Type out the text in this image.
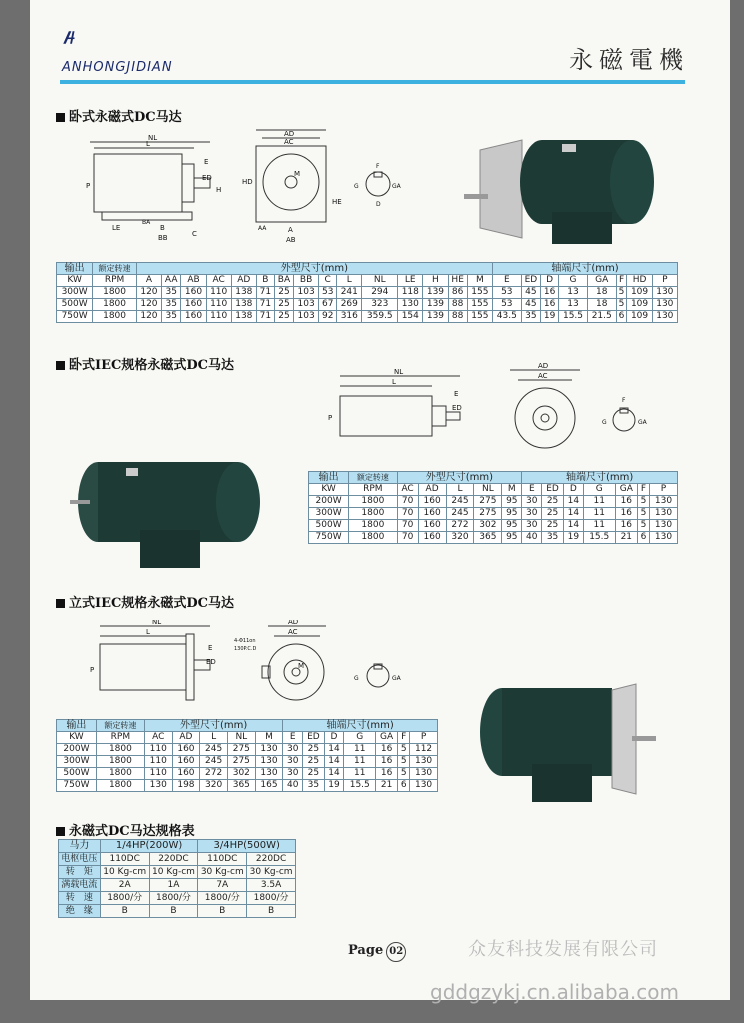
ANHONGJIDIAN	永磁電機
卧式永磁式DC马达
NL
L
E
ED
P	H
LE
BA
B
BB	C
AD
AC
HD
M
HE
AA	A
AB
F
G	GA
D
输出	额定转速	外型尺寸(mm)															轴端尺寸(mm)							
KW	RPM	A	AA	AB	AC	AD	B	BA	BB	C	L	NL	LE	H	HE	M	E	ED	D	G	GA	F	HD	P
300W	1800	120	35	160	110	138	71	25	103	53	241	294	118	139	86	155	53	45	16	13	18	5	109	130
500W	1800	120	35	160	110	138	71	25	103	67	269	323	130	139	88	155	53	45	16	13	18	5	109	130
750W	1800	120	35	160	110	138	71	25	103	92	316	359.5	154	139	88	155	43.5	35	19	15.5	21.5	6	109	130
卧式IEC规格永磁式DC马达	NL
L
E
ED
P
AD
AC
F
G	GA
输出	额定转速	外型尺寸(mm)					轴端尺寸(mm)						
KW	RPM	AC	AD	L	NL	M	E	ED	D	G	GA	F	P
200W	1800	70	160	245	275	95	30	25	14	11	16	5	130
300W	1800	70	160	245	275	95	30	25	14	11	16	5	130
500W	1800	70	160	272	302	95	30	25	14	11	16	5	130
750W	1800	70	160	320	365	95	40	35	19	15.5	21	6	130
立式IEC规格永磁式DC马达
NL
L
E
ED
P
AD
AC
4-Φ11on
130P.C.D
M
G	GA
输出	额定转速	外型尺寸(mm)					轴端尺寸(mm)						
KW	RPM	AC	AD	L	NL	M	E	ED	D	G	GA	F	P
200W	1800	110	160	245	275	130	30	25	14	11	16	5	112
300W	1800	110	160	245	275	130	30	25	14	11	16	5	130
500W	1800	110	160	272	302	130	30	25	14	11	16	5	130
750W	1800	130	198	320	365	165	40	35	19	15.5	21	6	130
永磁式DC马达规格表
马力	1/4HP(200W)		3/4HP(500W)	
电枢电压	110DC	220DC	110DC	220DC
转　矩	10 Kg-cm	10 Kg-cm	30 Kg-cm	30 Kg-cm
满载电流	2A	1A	7A	3.5A
转　速	1800/分	1800/分	1800/分	1800/分
绝　缘	B	B	B	B
Page 02	众友科技发展有限公司
gddgzykj.cn.alibaba.com
